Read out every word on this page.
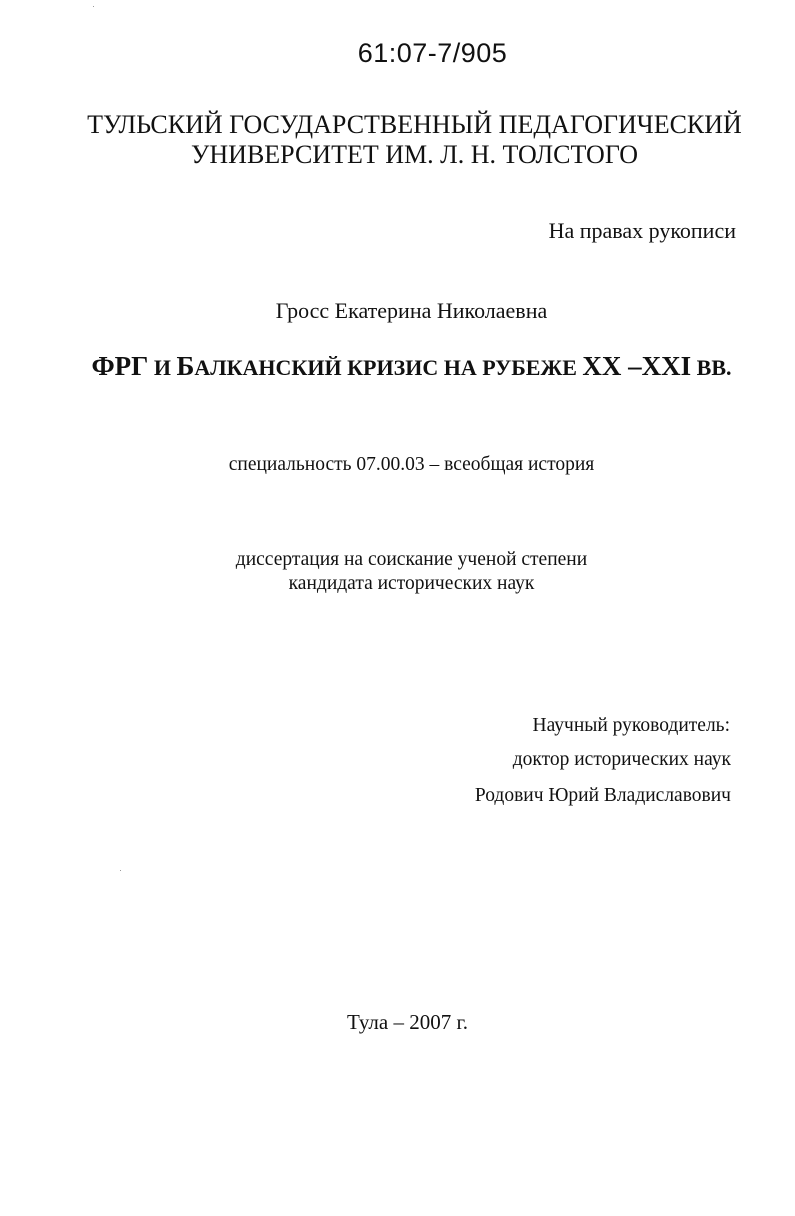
61:07-7/905
ТУЛЬСКИЙ ГОСУДАРСТВЕННЫЙ ПЕДАГОГИЧЕСКИЙ
УНИВЕРСИТЕТ ИМ. Л. Н. ТОЛСТОГО
На правах рукописи
Гросс Екатерина Николаевна
ФРГ И БАЛКАНСКИЙ КРИЗИС НА РУБЕЖЕ XX –XXI ВВ.
специальность 07.00.03 – всеобщая история
диссертация на соискание ученой степени
кандидата исторических наук
Научный руководитель:
доктор исторических наук
Родович Юрий Владиславович
Тула – 2007 г.
